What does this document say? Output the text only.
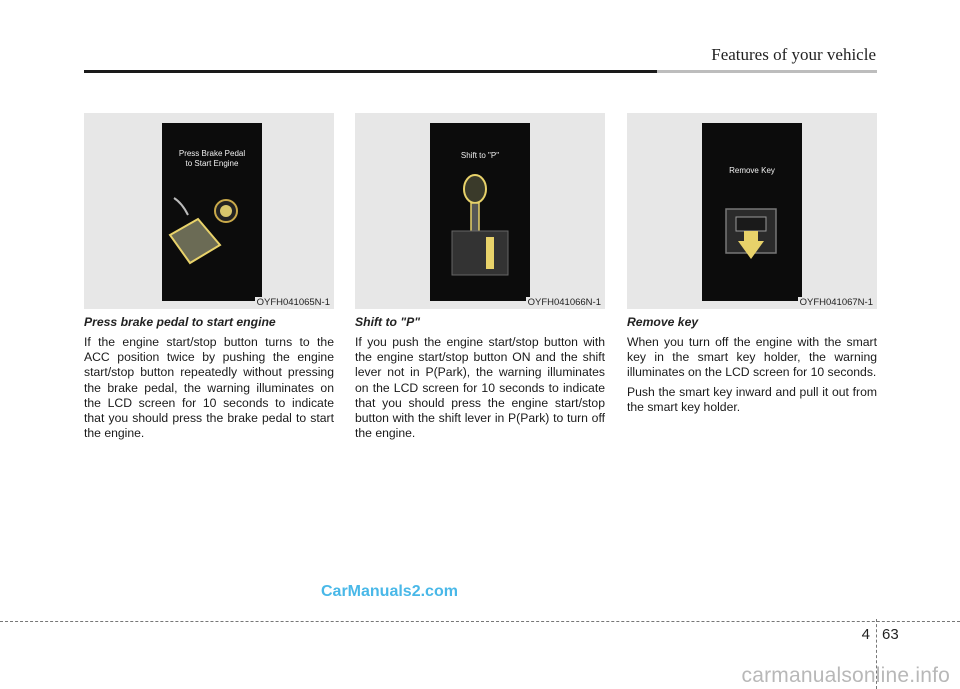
Features of your vehicle
Press Brake Pedal
to Start Engine
OYFH041065N-1
Shift to "P"
OYFH041066N-1
Remove Key
OYFH041067N-1
Press brake pedal to start engine

If the engine start/stop button turns to the ACC position twice by pushing the engine start/stop button repeatedly without pressing the brake pedal, the warning illuminates on the LCD screen for 10 seconds to indicate that you should press the brake pedal to start the engine.

Shift to "P"

If you push the engine start/stop button with the engine start/stop button ON and the shift lever not in P(Park), the warning illuminates on the LCD screen for 10 seconds to indicate that you should press the engine start/stop button with the shift lever in P(Park) to turn off the engine.

Remove key

When you turn off the engine with the smart key in the smart key holder, the warning illuminates on the LCD screen for 10 seconds.

Push the smart key inward and pull it out from the smart key holder.

CarManuals2.com
4 63
carmanualsonline.info
